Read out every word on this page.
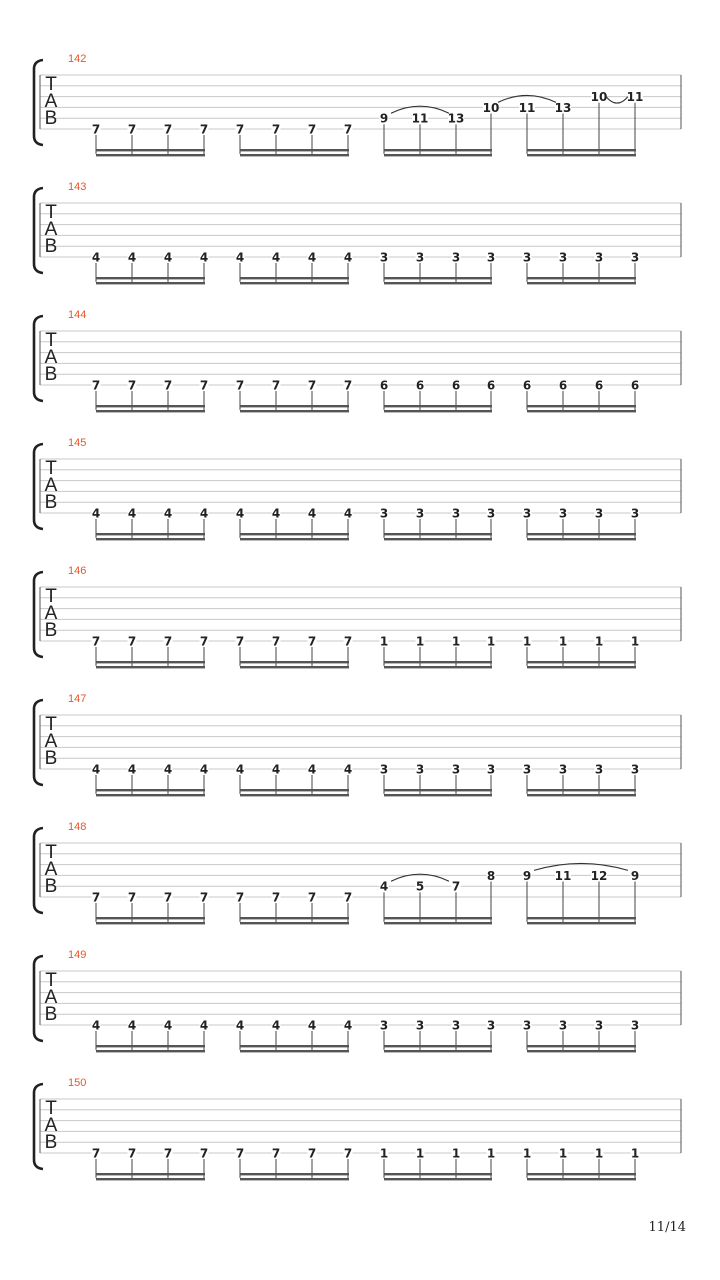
T
A
B
142
7 7 7 7 7 7 7 7
9 11 13
10 11 13
10 11
T
A
B
143
4 4 4 4 4 4 4 4 3 3 3 3 3 3 3 3
T
A
B
144
7 7 7 7 7 7 7 7 6 6 6 6 6 6 6 6
T
A
B
145
4 4 4 4 4 4 4 4 3 3 3 3 3 3 3 3
T
A
B
146
7 7 7 7 7 7 7 7 1 1 1 1 1 1 1 1
T
A
B
147
4 4 4 4 4 4 4 4 3 3 3 3 3 3 3 3
T
A
B
148
7 7 7 7 7 7 7 7
4 5 7
8 9 11 12 9
T
A
B
149
4 4 4 4 4 4 4 4 3 3 3 3 3 3 3 3
T
A
B
150
7 7 7 7 7 7 7 7 1 1 1 1 1 1 1 1
11/14
